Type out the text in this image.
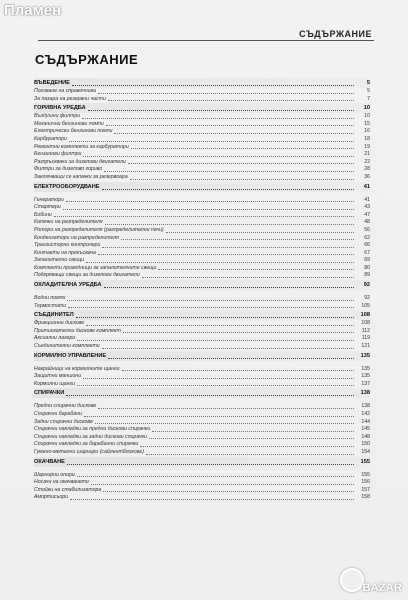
Пламен
СЪДЪРЖАНИЕ
СЪДЪРЖАНИЕ
ВЪВЕДЕНИЕ	5
Ползване на справочника	5
За пазара на резервни части	7
ГОРИВНА УРЕДБА	10
Въздушни филтри	10
Механични бензинови помпи	15
Електрически бензинови помпи	16
Карбуратори	18
Ремонтни комплекти за карбуратори	19
Бензинови филтри	21
Разпръсквачи за дизелови двигатели	22
Филтри за дизелово гориво	28
Заключващи се капачки за резервоара	36
ЕЛЕКТРООБОРУДВАНЕ	41
Генератори	41
Стартери	43
Бобини	47
Капачки на разпределителя	48
Ротори на разпределителя (разпределителни пачи)	56
Кондензатори на разпределителя	62
Транзисторни контролери	66
Контакти на прекъсвача	67
Запалителни свещи	69
Комплекти проводници за запалителните свещи	80
Подгряващи свещи за дизелови двигатели	89
ОХЛАДИТЕЛНА УРЕДБА	92
Водни помпи	92
Термостати	105
СЪЕДИНИТЕЛ	108
Фрикционни дискове	108
Притискателни дискове комплект	112
Аксиални лагери	119
Съединителни комплекти	121
КОРМИЛНО УПРАВЛЕНИЕ	135
Накрайници на кормилните щанги	135
Защитни маншони	135
Кормилни щанги	137
СПИРАЧКИ	138
Предни спирачни дискове	138
Спирачни барабани	142
Задни спирачни дискове	144
Спирачни накладки за предни дискови спирачки	145
Спирачни накладки за задни дискови спирачки	148
Спирачни накладки за барабанни спирачки	150
Гумено-метални шарнири (сайлентблокове)	154
ОКАЧВАНЕ	155
Шарнирни опори	155
Носачи на окачването	156
Стойки на стабилизатора	157
Амортисьори	158
BAZAR
